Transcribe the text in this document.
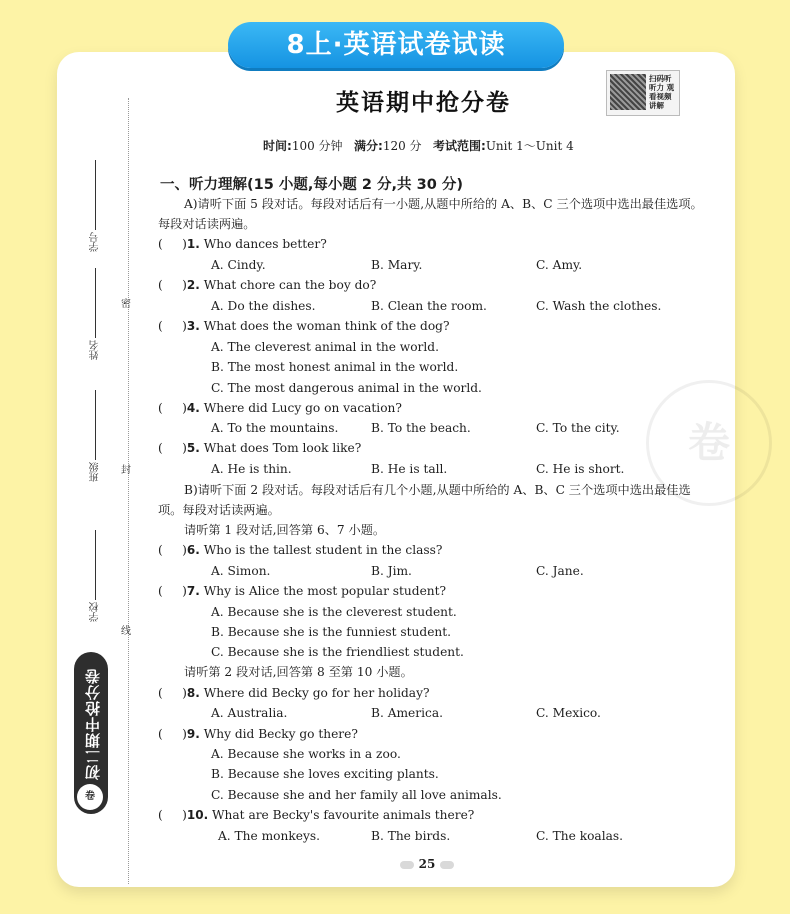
8上·英语试卷试读
卷
学号
姓名
班级
学校
密
封
线
初二期中抢分卷
卷
英语期中抢分卷
扫码听听力 观看视频讲解
时间:100 分钟 满分:120 分 考试范围:Unit 1～Unit 4
一、听力理解(15 小题,每小题 2 分,共 30 分)
A)请听下面 5 段对话。每段对话后有一小题,从题中所给的 A、B、C 三个选项中选出最佳选项。每段对话读两遍。
(     )1. Who dances better?
A. Cindy.	B. Mary.	C. Amy.
(     )2. What chore can the boy do?
A. Do the dishes.	B. Clean the room.	C. Wash the clothes.
(     )3. What does the woman think of the dog?
A. The cleverest animal in the world.
B. The most honest animal in the world.
C. The most dangerous animal in the world.
(     )4. Where did Lucy go on vacation?
A. To the mountains.	B. To the beach.	C. To the city.
(     )5. What does Tom look like?
A. He is thin.	B. He is tall.	C. He is short.
B)请听下面 2 段对话。每段对话后有几个小题,从题中所给的 A、B、C 三个选项中选出最佳选项。每段对话读两遍。
请听第 1 段对话,回答第 6、7 小题。
(     )6. Who is the tallest student in the class?
A. Simon.	B. Jim.	C. Jane.
(     )7. Why is Alice the most popular student?
A. Because she is the cleverest student.
B. Because she is the funniest student.
C. Because she is the friendliest student.
请听第 2 段对话,回答第 8 至第 10 小题。
(     )8. Where did Becky go for her holiday?
A. Australia.	B. America.	C. Mexico.
(     )9. Why did Becky go there?
A. Because she works in a zoo.
B. Because she loves exciting plants.
C. Because she and her family all love animals.
(     )10. What are Becky's favourite animals there?
A. The monkeys.	B. The birds.	C. The koalas.
25
